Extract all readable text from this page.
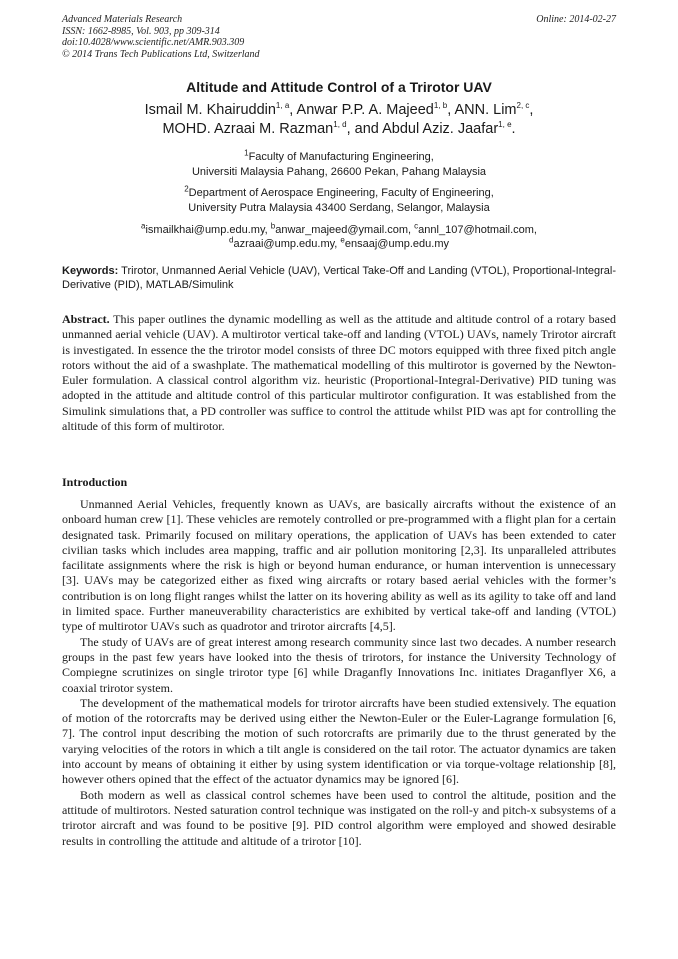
Advanced Materials Research
ISSN: 1662-8985, Vol. 903, pp 309-314
doi:10.4028/www.scientific.net/AMR.903.309
© 2014 Trans Tech Publications Ltd, Switzerland
Online: 2014-02-27
Altitude and Attitude Control of a Trirotor UAV
Ismail M. Khairuddin$^{1, a}$, Anwar P.P. A. Majeed$^{1, b}$, ANN. Lim$^{2, c}$,
MOHD. Azraai M. Razman$^{1, d}$, and Abdul Aziz. Jaafar$^{1, e}$.
$^1$Faculty of Manufacturing Engineering,
Universiti Malaysia Pahang, 26600 Pekan, Pahang Malaysia
$^2$Department of Aerospace Engineering, Faculty of Engineering,
University Putra Malaysia 43400 Serdang, Selangor, Malaysia
$^a$ismailkhai@ump.edu.my, $^b$anwar_majeed@ymail.com, $^c$annl_107@hotmail.com,
$^d$azraai@ump.edu.my, $^e$ensaaj@ump.edu.my
Keywords: Trirotor, Unmanned Aerial Vehicle (UAV), Vertical Take-Off and Landing (VTOL), Proportional-Integral-Derivative (PID), MATLAB/Simulink
Abstract. This paper outlines the dynamic modelling as well as the attitude and altitude control of a rotary based unmanned aerial vehicle (UAV). A multirotor vertical take-off and landing (VTOL) UAVs, namely Trirotor aircraft is investigated. In essence the the trirotor model consists of three DC motors equipped with three fixed pitch angle rotors without the aid of a swashplate. The mathematical modelling of this multirotor is governed by the Newton-Euler formulation. A classical control algorithm viz. heuristic (Proportional-Integral-Derivative) PID tuning was adopted in the attitude and altitude control of this particular multirotor configuration. It was established from the Simulink simulations that, a PD controller was suffice to control the attitude whilst PID was apt for controlling the altitude of this form of multirotor.
Introduction

Unmanned Aerial Vehicles, frequently known as UAVs, are basically aircrafts without the existence of an onboard human crew [1]. These vehicles are remotely controlled or pre-programmed with a flight plan for a certain designated task. Primarily focused on military operations, the application of UAVs has been extended to cater civilian tasks which includes area mapping, traffic and air pollution monitoring [2,3]. Its unparalleled attributes facilitate assignments where the risk is high or beyond human endurance, or human intervention is unnecessary [3]. UAVs may be categorized either as fixed wing aircrafts or rotary based aerial vehicles with the former’s contribution is on long flight ranges whilst the latter on its hovering ability as well as its agility to take off and land in limited space. Further maneuverability characteristics are exhibited by vertical take-off and landing (VTOL) type of multirotor UAVs such as quadrotor and trirotor aircrafts [4,5].

The study of UAVs are of great interest among research community since last two decades. A number research groups in the past few years have looked into the thesis of trirotors, for instance the University Technology of Compiegne scrutinizes on single trirotor type [6] while Draganfly Innovations Inc. initiates Draganflyer X6, a coaxial trirotor system.

The development of the mathematical models for trirotor aircrafts have been studied extensively. The equation of motion of the rotorcrafts may be derived using either the Newton-Euler or the Euler-Lagrange formulation [6, 7]. The control input describing the motion of such rotorcrafts are primarily due to the thrust generated by the varying velocities of the rotors in which a tilt angle is considered on the tail rotor. The actuator dynamics are taken into account by means of obtaining it either by using system identification or via torque-voltage relationship [8], however others opined that the effect of the actuator dynamics may be ignored [6].

Both modern as well as classical control schemes have been used to control the altitude, position and the attitude of multirotors. Nested saturation control technique was instigated on the roll-y and pitch-x subsystems of a trirotor aircraft and was found to be positive [9]. PID control algorithm were employed and showed desirable results in controlling the attitude and altitude of a trirotor [10].
